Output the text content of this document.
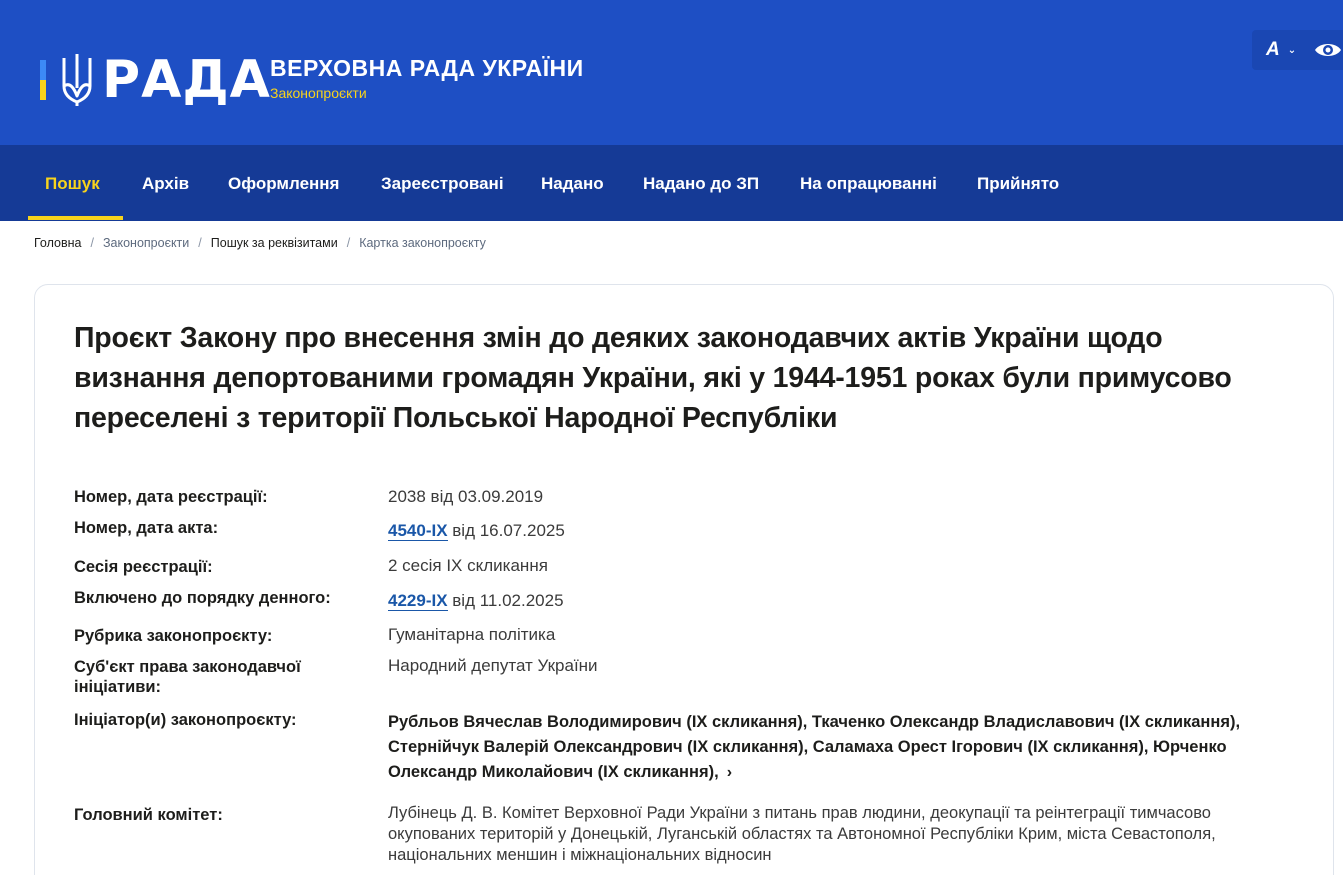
РАДА ВЕРХОВНА РАДА УКРАЇНИ
Законопроєкти
A ⌄
Пошук Архів Оформлення Зареєстровані Надано Надано до ЗП На опрацюванні Прийнято
Головна / Законопроєкти / Пошук за реквізитами / Картка законопроєкту
Проєкт Закону про внесення змін до деяких законодавчих актів України щодо визнання депортованими громадян України, які у 1944-1951 роках були примусово переселені з території Польської Народної Республіки
Номер, дата реєстрації:	2038 від 03.09.2019
Номер, дата акта:	4540-IX від 16.07.2025
Сесія реєстрації:	2 сесія IX скликання
Включено до порядку денного:	4229-IX від 11.02.2025
Рубрика законопроєкту:	Гуманітарна політика
Суб'єкт права законодавчої ініціативи:
Народний депутат України
Ініціатор(и) законопроєкту:	Рубльов Вячеслав Володимирович (IX скликання), Ткаченко Олександр Владиславович (IX скликання), Стернійчук Валерій Олександрович (IX скликання), Саламаха Орест Ігорович (IX скликання), Юрченко Олександр Миколайович (IX скликання), ›
Головний комітет:	Лубінець Д. В. Комітет Верховної Ради України з питань прав людини, деокупації та реінтеграції тимчасово окупованих територій у Донецькій, Луганській областях та Автономної Республіки Крим, міста Севастополя, національних меншин і міжнаціональних відносин
